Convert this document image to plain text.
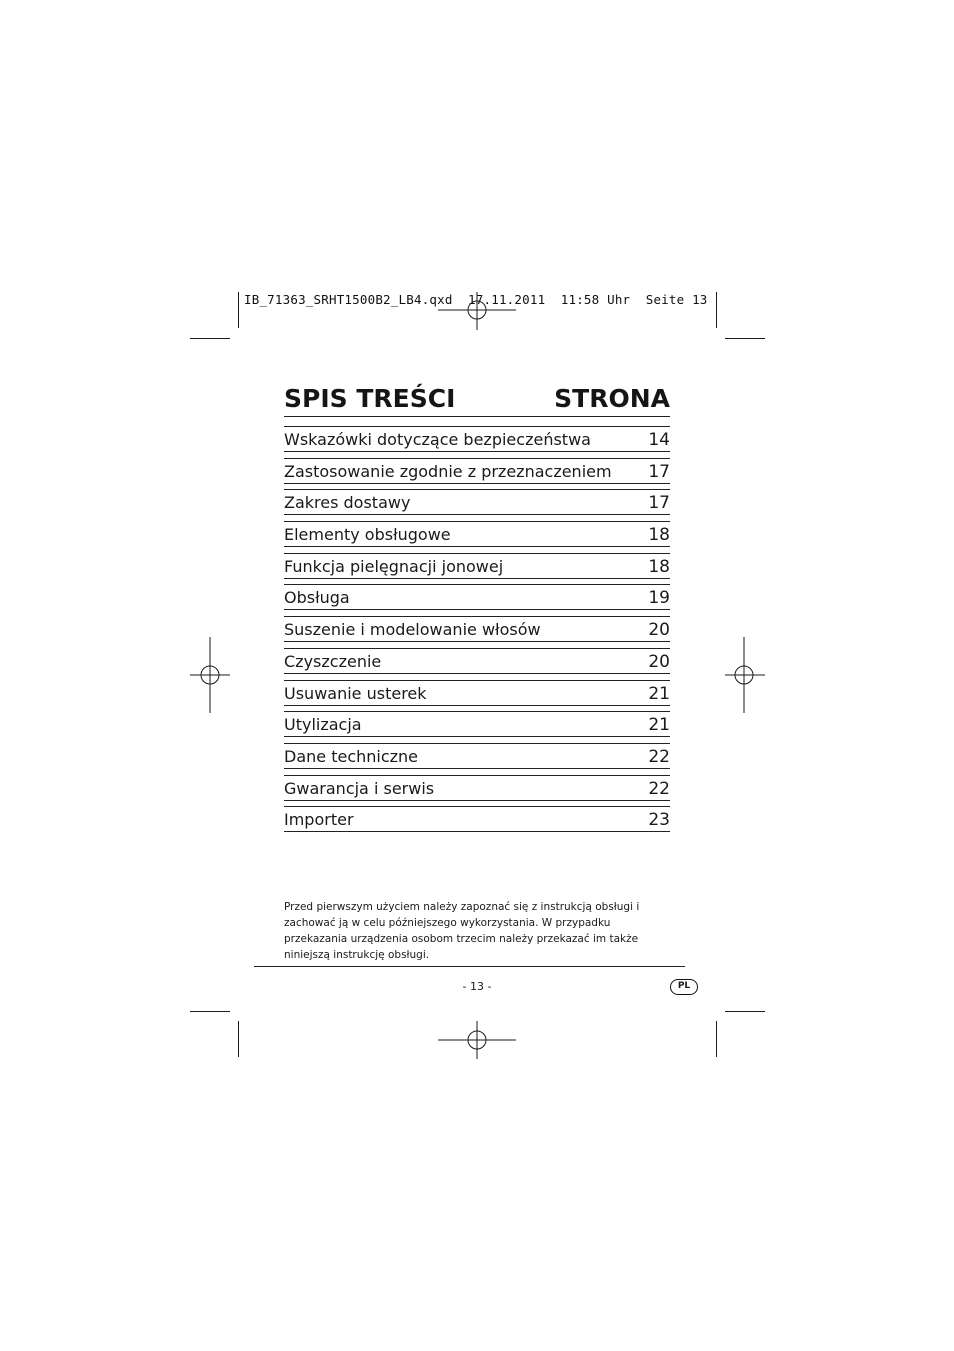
IB_71363_SRHT1500B2_LB4.qxd  17.11.2011  11:58 Uhr  Seite 13
SPIS TREŚCI	STRONA
Wskazówki dotyczące bezpieczeństwa	14
Zastosowanie zgodnie z przeznaczeniem 17
Zakres dostawy	17
Elementy obsługowe	18
Funkcja pielęgnacji jonowej	18
Obsługa	19
Suszenie i modelowanie włosów	20
Czyszczenie	20
Usuwanie usterek	21
Utylizacja	21
Dane techniczne	22
Gwarancja i serwis	22
Importer	23
Przed pierwszym użyciem należy zapoznać się z instrukcją obsługi i
zachować ją w celu późniejszego wykorzystania. W przypadku
przekazania urządzenia osobom trzecim należy przekazać im także
niniejszą instrukcję obsługi.
- 13 -	PL
